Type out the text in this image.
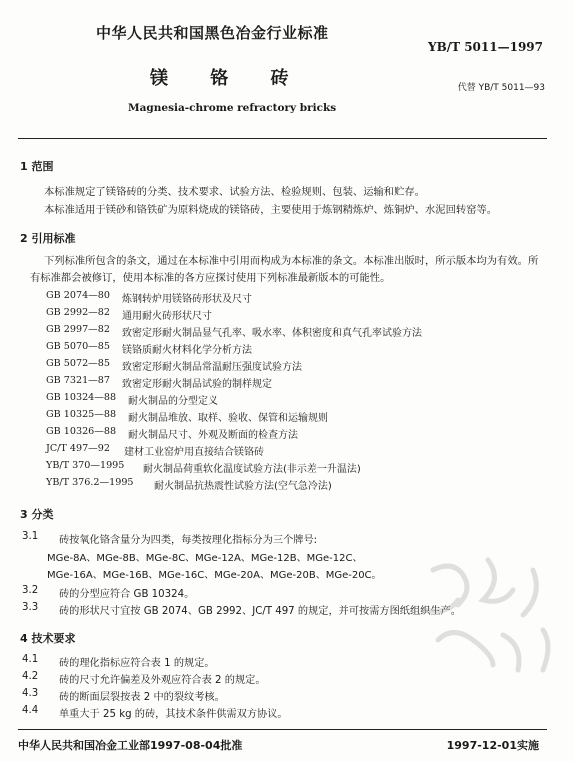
中华人民共和国黑色冶金行业标准
YB/T 5011—1997
镁 铬 砖	代替 YB/T 5011—93
Magnesia-chrome refractory bricks
1 范围
本标准规定了镁铬砖的分类、技术要求、试验方法、检验规则、包装、运输和贮存。
本标准适用于镁砂和铬铁矿为原料烧成的镁铬砖，主要使用于炼钢精炼炉、炼铜炉、水泥回转窑等。
2 引用标准
下列标准所包含的条文，通过在本标准中引用而构成为本标准的条文。本标准出版时，所示版本均为有效。所有标准都会被修订，使用本标准的各方应探讨使用下列标准最新版本的可能性。
GB 2074—80 炼钢转炉用镁铬砖形状及尺寸
GB 2992—82 通用耐火砖形状尺寸
GB 2997—82 致密定形耐火制品显气孔率、吸水率、体积密度和真气孔率试验方法
GB 5070—85 镁铬质耐火材料化学分析方法
GB 5072—85 致密定形耐火制品常温耐压强度试验方法
GB 7321—87 致密定形耐火制品试验的制样规定
GB 10324—88 耐火制品的分型定义
GB 10325—88 耐火制品堆放、取样、验收、保管和运输规则
GB 10326—88 耐火制品尺寸、外观及断面的检查方法
JC/T 497—92 建材工业窑炉用直接结合镁铬砖
YB/T 370—1995 耐火制品荷重软化温度试验方法(非示差一升温法)
YB/T 376.2—1995 耐火制品抗热震性试验方法(空气急冷法)
3 分类
3.1 砖按氧化铬含量分为四类，每类按理化指标分为三个牌号:
MGe-8A、MGe-8B、MGe-8C、MGe-12A、MGe-12B、MGe-12C、
MGe-16A、MGe-16B、MGe-16C、MGe-20A、MGe-20B、MGe-20C。
3.2 砖的分型应符合 GB 10324。
3.3 砖的形状尺寸宜按 GB 2074、GB 2992、JC/T 497 的规定，并可按需方图纸组织生产。
4 技术要求
4.1 砖的理化指标应符合表 1 的规定。
4.2 砖的尺寸允许偏差及外观应符合表 2 的规定。
4.3 砖的断面层裂按表 2 中的裂纹考核。
4.4 单重大于 25 kg 的砖，其技术条件供需双方协议。
中华人民共和国冶金工业部1997-08-04批准	1997-12-01实施
